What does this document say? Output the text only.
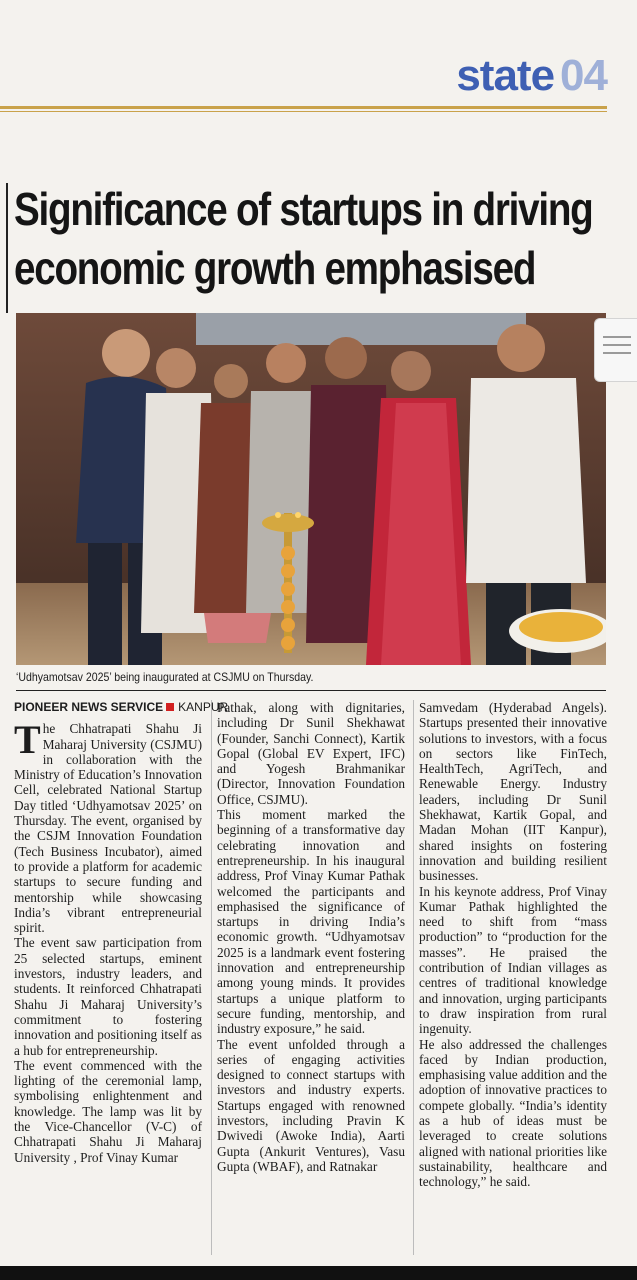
state 04
Significance of startups in driving
economic growth emphasised
‘Udhyamotsav 2025’ being inaugurated at CSJMU on Thursday.
PIONEER NEWS SERVICE KANPUR

The Chhatrapati Shahu Ji Maharaj University (CSJMU) in collaboration with the Ministry of Education’s Innovation Cell, celebrated National Startup Day titled ‘Udhyamotsav 2025’ on Thursday. The event, organised by the CSJM Innovation Foundation (Tech Business Incubator), aimed to provide a platform for academic startups to secure funding and mentorship while showcasing India’s vibrant entrepreneurial spirit.

The event saw participation from 25 selected startups, eminent investors, industry leaders, and students. It reinforced Chhatrapati Shahu Ji Maharaj University’s commitment to fostering innovation and positioning itself as a hub for entrepreneurship.

The event commenced with the lighting of the ceremonial lamp, symbolising enlightenment and knowledge. The lamp was lit by the Vice-Chancellor (V-C) of Chhatrapati Shahu Ji Maharaj University , Prof Vinay Kumar

Pathak, along with dignitaries, including Dr Sunil Shekhawat (Founder, Sanchi Connect), Kartik Gopal (Global EV Expert, IFC) and Yogesh Brahmanikar (Director, Innovation Foundation Office, CSJMU).

This moment marked the beginning of a transformative day celebrating innovation and entrepreneurship. In his inaugural address, Prof Vinay Kumar Pathak welcomed the participants and emphasised the significance of startups in driving India’s economic growth. “Udhyamotsav 2025 is a landmark event fostering innovation and entrepreneurship among young minds. It provides startups a unique platform to secure funding, mentorship, and industry exposure,” he said.

The event unfolded through a series of engaging activities designed to connect startups with investors and industry experts. Startups engaged with renowned investors, including Pravin K Dwivedi (Awoke India), Aarti Gupta (Ankurit Ventures), Vasu Gupta (WBAF), and Ratnakar

Samvedam (Hyderabad Angels). Startups presented their innovative solutions to investors, with a focus on sectors like FinTech, HealthTech, AgriTech, and Renewable Energy. Industry leaders, including Dr Sunil Shekhawat, Kartik Gopal, and Madan Mohan (IIT Kanpur), shared insights on fostering innovation and building resilient businesses.

In his keynote address, Prof Vinay Kumar Pathak highlighted the need to shift from “mass production” to “production for the masses”. He praised the contribution of Indian villages as centres of traditional knowledge and innovation, urging participants to draw inspiration from rural ingenuity.

He also addressed the challenges faced by Indian production, emphasising value addition and the adoption of innovative practices to compete globally. “India’s identity as a hub of ideas must be leveraged to create solutions aligned with national priorities like sustainability, healthcare and technology,” he said.
